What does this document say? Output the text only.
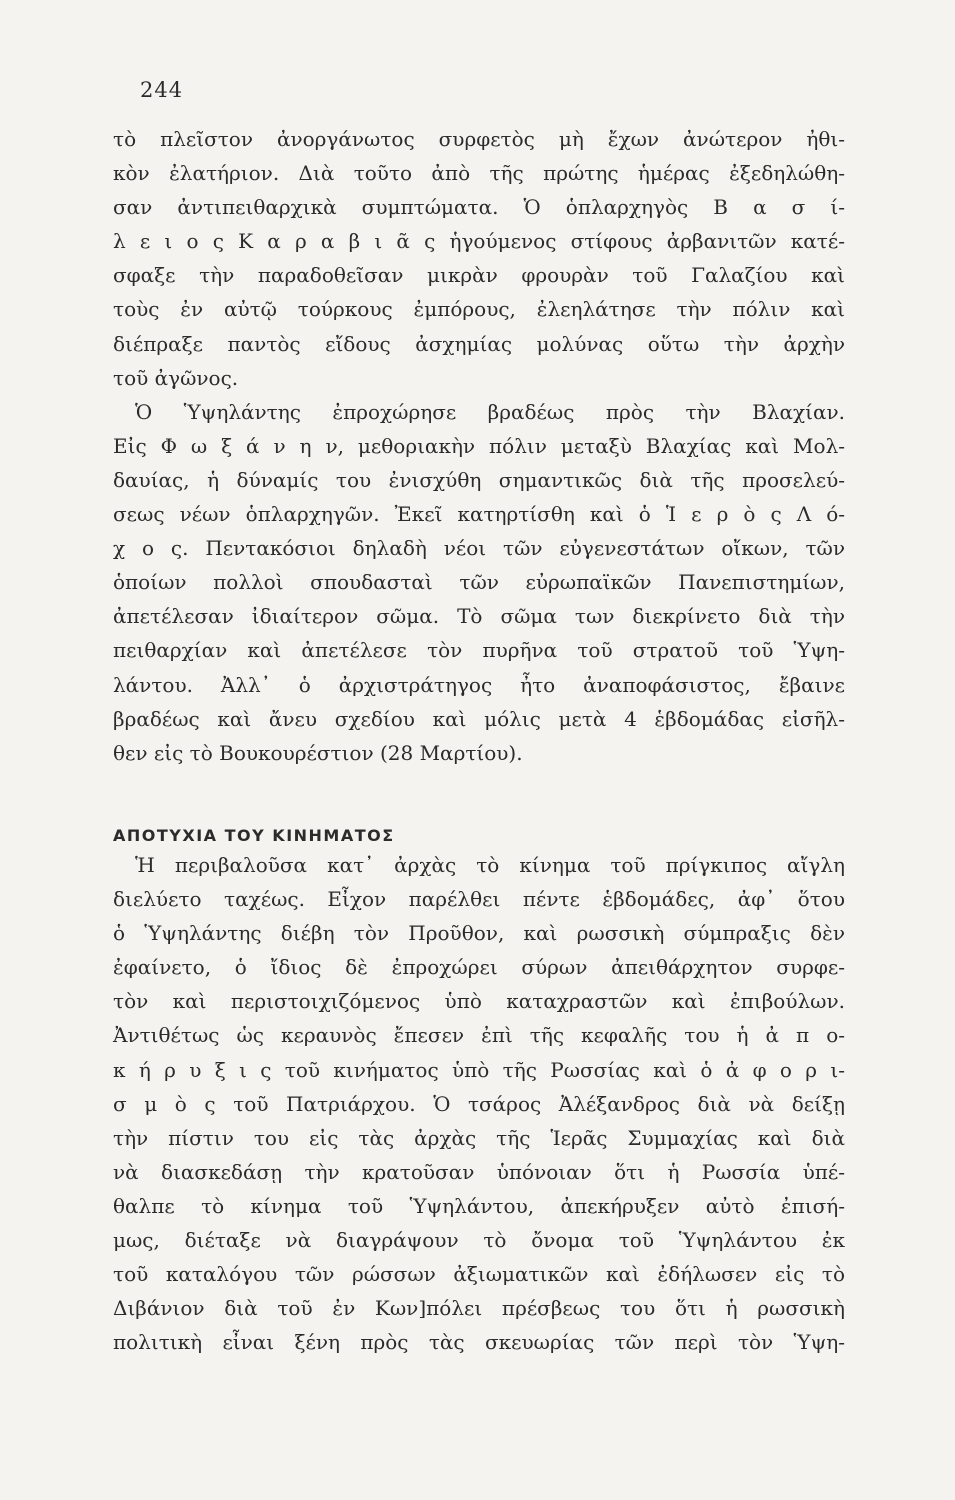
244
τὸ πλεῖστον ἀνοργάνωτος συρφετὸς μὴ ἔχων ἀνώτερον ἠθι-
κὸν ἐλατήριον. Διὰ τοῦτο ἀπὸ τῆς πρώτης ἡμέρας ἐξεδηλώθη-
σαν ἀντιπειθαρχικὰ συμπτώματα. Ὁ ὁπλαρχηγὸς Β α σ ί-
λ ε ι ο ς Κ α ρ α β ι ᾶ ς ἡγούμενος στίφους ἀρβανιτῶν κατέ-
σφαξε τὴν παραδοθεῖσαν μικρὰν φρουρὰν τοῦ Γαλαζίου καὶ
τοὺς ἐν αὐτῷ τούρκους ἐμπόρους, ἐλεηλάτησε τὴν πόλιν καὶ
διέπραξε παντὸς εἴδους ἀσχημίας μολύνας οὕτω τὴν ἀρχὴν
τοῦ ἀγῶνος.
Ὁ Ὑψηλάντης ἐπροχώρησε βραδέως πρὸς τὴν Βλαχίαν.
Εἰς Φ ω ξ ά ν η ν, μεθοριακὴν πόλιν μεταξὺ Βλαχίας καὶ Μολ-
δαυίας, ἡ δύναμίς του ἐνισχύθη σημαντικῶς διὰ τῆς προσελεύ-
σεως νέων ὁπλαρχηγῶν. Ἐκεῖ κατηρτίσθη καὶ ὁ Ἱ ε ρ ὸ ς Λ ό-
χ ο ς. Πεντακόσιοι δηλαδὴ νέοι τῶν εὐγενεστάτων οἴκων, τῶν
ὁποίων πολλοὶ σπουδασταὶ τῶν εὐρωπαϊκῶν Πανεπιστημίων,
ἀπετέλεσαν ἰδιαίτερον σῶμα. Τὸ σῶμα των διεκρίνετο διὰ τὴν
πειθαρχίαν καὶ ἀπετέλεσε τὸν πυρῆνα τοῦ στρατοῦ τοῦ Ὑψη-
λάντου. Ἀλλ᾽ ὁ ἀρχιστράτηγος ἦτο ἀναποφάσιστος, ἔβαινε
βραδέως καὶ ἄνευ σχεδίου καὶ μόλις μετὰ 4 ἑβδομάδας εἰσῆλ-
θεν εἰς τὸ Βουκουρέστιον (28 Μαρτίου).
ΑΠΟΤΥΧΙΑ ΤΟΥ ΚΙΝΗΜΑΤΟΣ
Ἡ περιβαλοῦσα κατ᾽ ἀρχὰς τὸ κίνημα τοῦ πρίγκιπος αἴγλη
διελύετο ταχέως. Εἶχον παρέλθει πέντε ἑβδομάδες, ἀφ᾽ ὅτου
ὁ Ὑψηλάντης διέβη τὸν Προῦθον, καὶ ρωσσικὴ σύμπραξις δὲν
ἐφαίνετο, ὁ ἴδιος δὲ ἐπροχώρει σύρων ἀπειθάρχητον συρφε-
τὸν καὶ περιστοιχιζόμενος ὑπὸ καταχραστῶν καὶ ἐπιβούλων.
Ἀντιθέτως ὡς κεραυνὸς ἔπεσεν ἐπὶ τῆς κεφαλῆς του ἡ ἀ π ο-
κ ή ρ υ ξ ι ς τοῦ κινήματος ὑπὸ τῆς Ρωσσίας καὶ ὁ ἀ φ ο ρ ι-
σ μ ὸ ς τοῦ Πατριάρχου. Ὁ τσάρος Ἀλέξανδρος διὰ νὰ δείξῃ
τὴν πίστιν του εἰς τὰς ἀρχὰς τῆς Ἱερᾶς Συμμαχίας καὶ διὰ
νὰ διασκεδάσῃ τὴν κρατοῦσαν ὑπόνοιαν ὅτι ἡ Ρωσσία ὑπέ-
θαλπε τὸ κίνημα τοῦ Ὑψηλάντου, ἀπεκήρυξεν αὐτὸ ἐπισή-
μως, διέταξε νὰ διαγράψουν τὸ ὄνομα τοῦ Ὑψηλάντου ἐκ
τοῦ καταλόγου τῶν ρώσσων ἀξιωματικῶν καὶ ἐδήλωσεν εἰς τὸ
Διβάνιον διὰ τοῦ ἐν Κων]πόλει πρέσβεως του ὅτι ἡ ρωσσικὴ
πολιτικὴ εἶναι ξένη πρὸς τὰς σκευωρίας τῶν περὶ τὸν Ὑψη-
